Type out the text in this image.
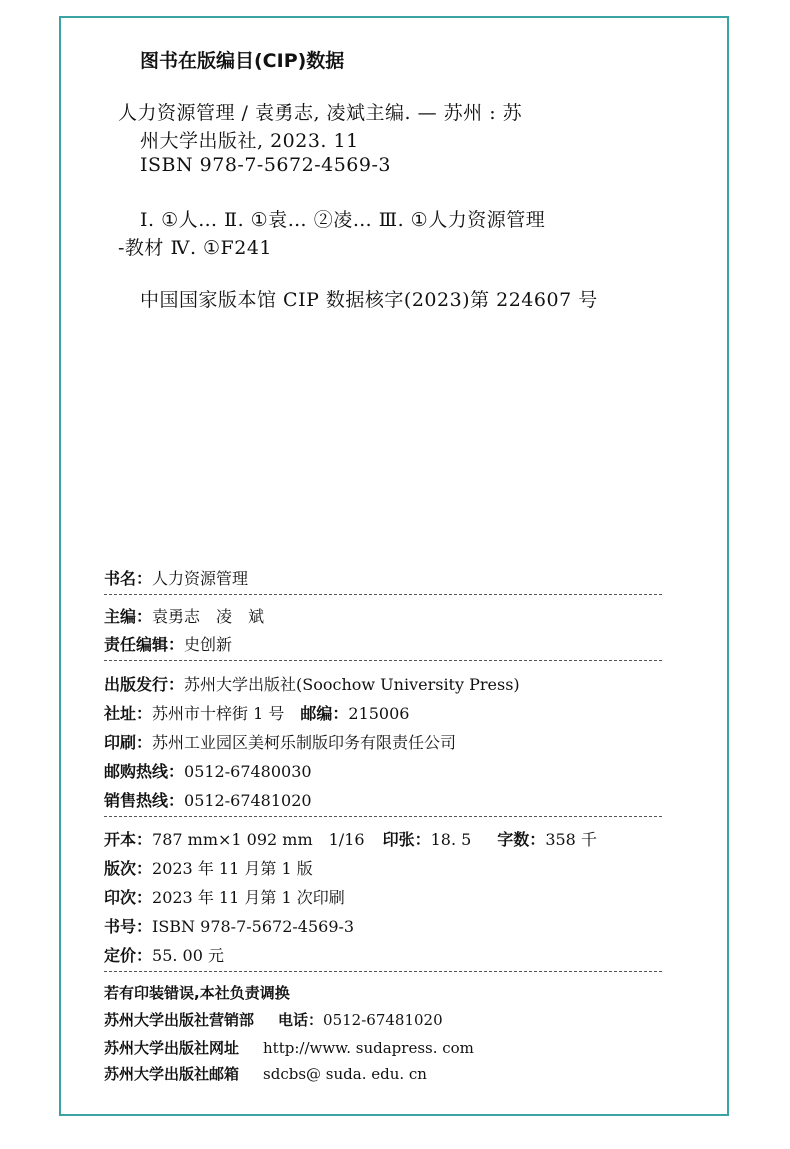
图书在版编目(CIP)数据
人力资源管理 / 袁勇志, 凌斌主编. — 苏州 : 苏
州大学出版社, 2023. 11
ISBN 978-7-5672-4569-3
Ⅰ. ①人… Ⅱ. ①袁… ②凌… Ⅲ. ①人力资源管理
-教材 Ⅳ. ①F241
中国国家版本馆 CIP 数据核字(2023)第 224607 号
书名：人力资源管理
主编：袁勇志　凌　斌
责任编辑：史创新
出版发行：苏州大学出版社(Soochow University Press)
社址：苏州市十梓街 1 号 邮编：215006
印刷：苏州工业园区美柯乐制版印务有限责任公司
邮购热线：0512-67480030
销售热线：0512-67481020
开本：787 mm×1 092 mm　1/16 印张：18. 5 字数：358 千
版次：2023 年 11 月第 1 版
印次：2023 年 11 月第 1 次印刷
书号：ISBN 978-7-5672-4569-3
定价：55. 00 元
若有印装错误,本社负责调换
苏州大学出版社营销部 电话：0512-67481020
苏州大学出版社网址 http://www. sudapress. com
苏州大学出版社邮箱 sdcbs@ suda. edu. cn
